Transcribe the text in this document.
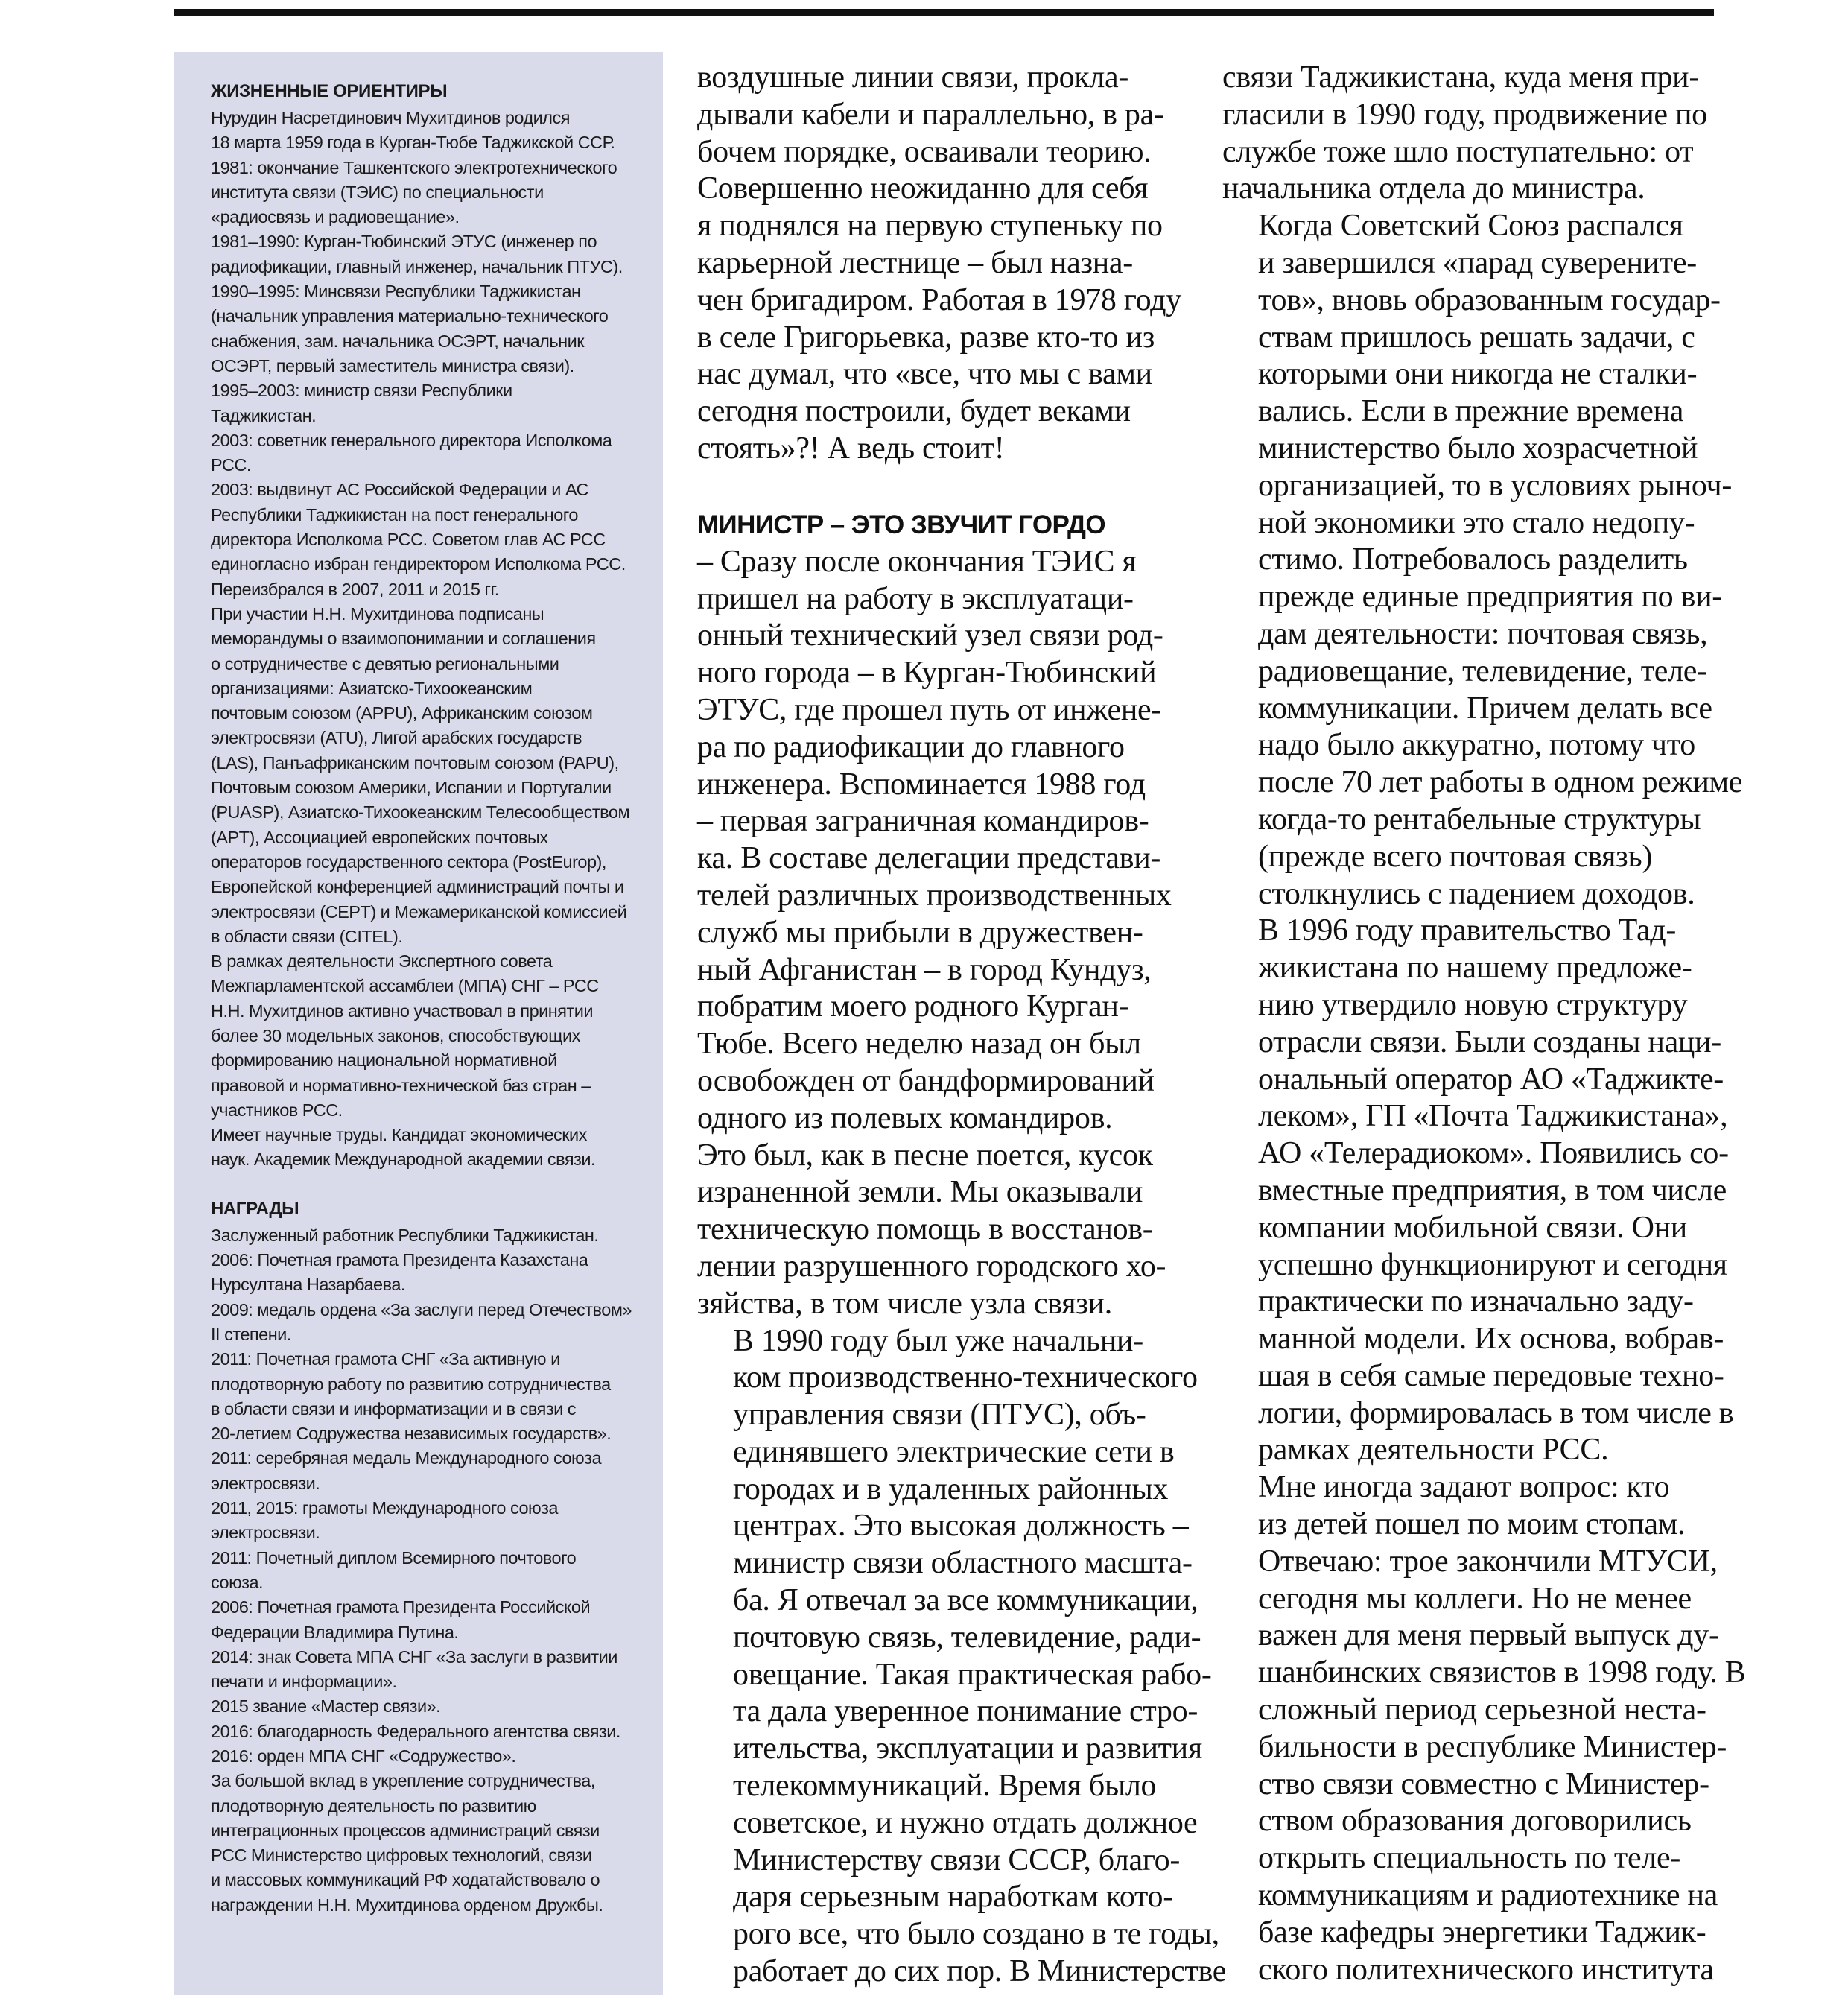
ЖИЗНЕННЫЕ ОРИЕНТИРЫ
Нурудин Насретдинович Мухитдинов родился
18 марта 1959 года в Курган-Тюбе Таджикской ССР.
1981: окончание Ташкентского электротехнического
института связи (ТЭИС) по специальности
«радиосвязь и радиовещание».
1981–1990: Курган-Тюбинский ЭТУС (инженер по
радиофикации, главный инженер, начальник ПТУС).
1990–1995: Минсвязи Республики Таджикистан
(начальник управления материально-технического
снабжения, зам. начальника ОСЭРТ, начальник
ОСЭРТ, первый заместитель министра связи).
1995–2003: министр связи Республики
Таджикистан.
2003: советник генерального директора Исполкома
РСС.
2003: выдвинут АС Российской Федерации и АС
Республики Таджикистан на пост генерального
директора Исполкома РСС. Советом глав АС РСС
единогласно избран гендиректором Исполкома РСС.
Переизбрался в 2007, 2011 и 2015 гг.
При участии Н.Н. Мухитдинова подписаны
меморандумы о взаимопонимании и соглашения
о сотрудничестве с девятью региональными
организациями: Азиатско-Тихоокеанским
почтовым союзом (APPU), Африканским союзом
электросвязи (ATU), Лигой арабских государств
(LAS), Панъафриканским почтовым союзом (PAPU),
Почтовым союзом Америки, Испании и Португалии
(PUASP), Азиатско-Тихоокеанским Телесообществом
(APT), Ассоциацией европейских почтовых
операторов государственного сектора (PostEurop),
Европейской конференцией администраций почты и
электросвязи (CEPT) и Межамериканской комиссией
в области связи (CITEL).
В рамках деятельности Экспертного совета
Межпарламентской ассамблеи (МПА) СНГ – РСС
Н.Н. Мухитдинов активно участвовал в принятии
более 30 модельных законов, способствующих
формированию национальной нормативной
правовой и нормативно-технической баз стран –
участников РСС.
Имеет научные труды. Кандидат экономических
наук. Академик Международной академии связи.
НАГРАДЫ
Заслуженный работник Республики Таджикистан.
2006: Почетная грамота Президента Казахстана
Нурсултана Назарбаева.
2009: медаль ордена «За заслуги перед Отечеством»
II степени.
2011: Почетная грамота СНГ «За активную и
плодотворную работу по развитию сотрудничества
в области связи и информатизации и в связи с
20-летием Содружества независимых государств».
2011: серебряная медаль Международного союза
электросвязи.
2011, 2015: грамоты Международного союза
электросвязи.
2011: Почетный диплом Всемирного почтового
союза.
2006: Почетная грамота Президента Российской
Федерации Владимира Путина.
2014: знак Совета МПА СНГ «За заслуги в развитии
печати и информации».
2015 звание «Мастер связи».
2016: благодарность Федерального агентства связи.
2016: орден МПА СНГ «Содружество».
За большой вклад в укрепление сотрудничества,
плодотворную деятельность по развитию
интеграционных процессов администраций связи
РСС Министерство цифровых технологий, связи
и массовых коммуникаций РФ ходатайствовало о
награждении Н.Н. Мухитдинова орденом Дружбы.

воздушные линии связи, прокла-
дывали кабели и параллельно, в ра-
бочем порядке, осваивали теорию.
Совершенно неожиданно для себя
я поднялся на первую ступеньку по
карьерной лестнице – был назна-
чен бригадиром. Работая в 1978 году
в селе Григорьевка, разве кто-то из
нас думал, что «все, что мы с вами
сегодня построили, будет веками
стоять»?! А ведь стоит!

МИНИСТР – ЭТО ЗВУЧИТ ГОРДО

– Сразу после окончания ТЭИС я
пришел на работу в эксплуатаци-
онный технический узел связи род-
ного города – в Курган-Тюбинский
ЭТУС, где прошел путь от инжене-
ра по радиофикации до главного
инженера. Вспоминается 1988 год
– первая заграничная командиров-
ка. В составе делегации представи-
телей различных производственных
служб мы прибыли в дружествен-
ный Афганистан – в город Кундуз,
побратим моего родного Курган-
Тюбе. Всего неделю назад он был
освобожден от бандформирований
одного из полевых командиров.
Это был, как в песне поется, кусок
израненной земли. Мы оказывали
техническую помощь в восстанов-
лении разрушенного городского хо-
зяйства, в том числе узла связи.

В 1990 году был уже начальни-
ком производственно-технического
управления связи (ПТУС), объ-
единявшего электрические сети в
городах и в удаленных районных
центрах. Это высокая должность –
министр связи областного масшта-
ба. Я отвечал за все коммуникации,
почтовую связь, телевидение, ради-
овещание. Такая практическая рабо-
та дала уверенное понимание стро-
ительства, эксплуатации и развития
телекоммуникаций. Время было
советское, и нужно отдать должное
Министерству связи СССР, благо-
даря серьезным наработкам кото-
рого все, что было создано в те годы,
работает до сих пор. В Министерстве

связи Таджикистана, куда меня при-
гласили в 1990 году, продвижение по
службе тоже шло поступательно: от
начальника отдела до министра.

Когда Советский Союз распался
и завершился «парад суверените-
тов», вновь образованным государ-
ствам пришлось решать задачи, с
которыми они никогда не сталки-
вались. Если в прежние времена
министерство было хозрасчетной
организацией, то в условиях рыноч-
ной экономики это стало недопу-
стимо. Потребовалось разделить
прежде единые предприятия по ви-
дам деятельности: почтовая связь,
радиовещание, телевидение, теле-
коммуникации. Причем делать все
надо было аккуратно, потому что
после 70 лет работы в одном режиме
когда-то рентабельные структуры
(прежде всего почтовая связь)
столкнулись с падением доходов.

В 1996 году правительство Тад-
жикистана по нашему предложе-
нию утвердило новую структуру
отрасли связи. Были созданы наци-
ональный оператор АО «Таджикте-
леком», ГП «Почта Таджикистана»,
АО «Телерадиоком». Появились со-
вместные предприятия, в том числе
компании мобильной связи. Они
успешно функционируют и сегодня
практически по изначально заду-
манной модели. Их основа, вобрав-
шая в себя самые передовые техно-
логии, формировалась в том числе в
рамках деятельности РСС.

Мне иногда задают вопрос: кто
из детей пошел по моим стопам.
Отвечаю: трое закончили МТУСИ,
сегодня мы коллеги. Но не менее
важен для меня первый выпуск ду-
шанбинских связистов в 1998 году. В
сложный период серьезной неста-
бильности в республике Министер-
ство связи совместно с Министер-
ством образования договорились
открыть специальность по теле-
коммуникациям и радиотехнике на
базе кафедры энергетики Таджик-
ского политехнического института
